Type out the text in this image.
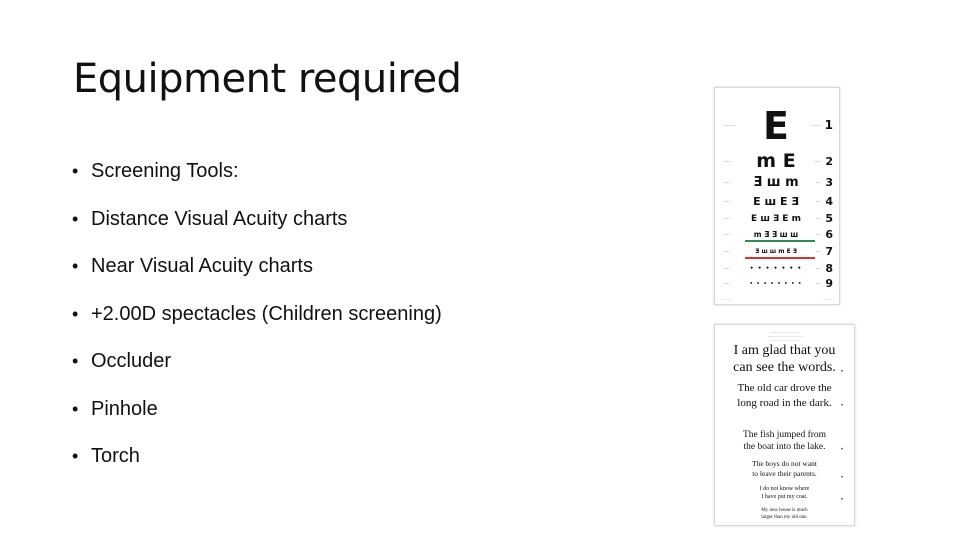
Equipment required
• Screening Tools:
• Distance Visual Acuity charts
• Near Visual Acuity charts
• +2.00D spectacles (Children screening)
• Occluder
• Pinhole
• Torch
......... E	....... 1
......	m E	..... 2
.....	Ǝ ш m	.... 3
.....	E ш E Ǝ	.... 4
.....	E ш Ǝ E m	.... 5
.....	m Ǝ Ǝ ш ш	.... 6
.....	Ǝ ш ш m E Ǝ	.... 7
.....	• • • • • • •	.... 8
.....	• • • • • • • •	.... 9
..............	............
..............................
....................................
..............................
I am glad that you
can see the words.
The old car drove the
long road in the dark.
The fish jumped from
the boat into the lake.
The boys do not want
to leave their parents.
I do not know where
I have put my coat.
My new house is much
larger than my old one.
•
•
•
•
•
